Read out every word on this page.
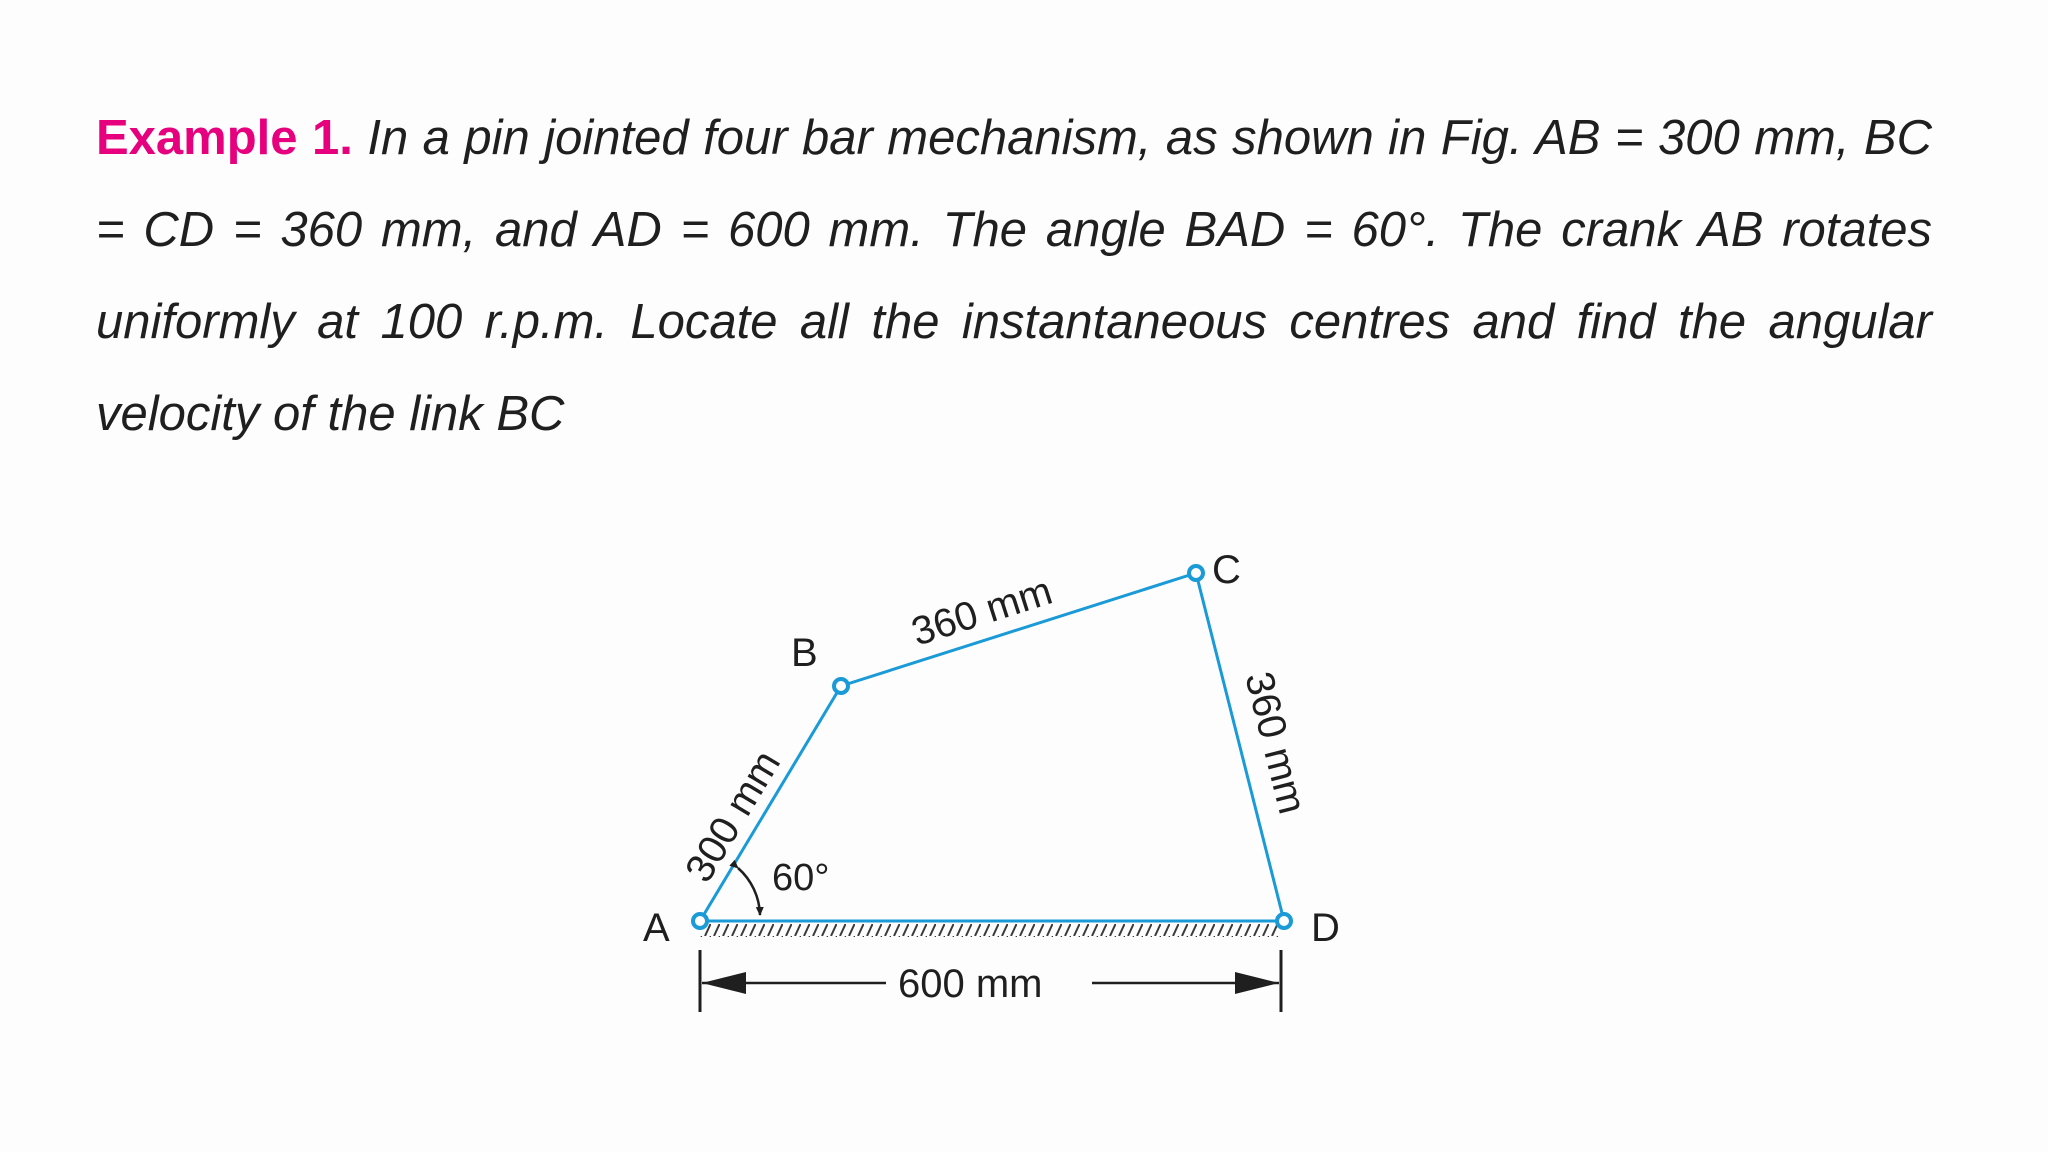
Example 1. In a pin jointed four bar mechanism, as shown in Fig. AB = 300 mm, BC = CD = 360 mm, and AD = 600 mm. The angle BAD = 60°. The crank AB rotates uniformly at 100 r.p.m. Locate all the instantaneous centres and find the angular velocity of the link BC

A
B
C
D
600 mm
360 mm
300 mm	360 mm
60°
